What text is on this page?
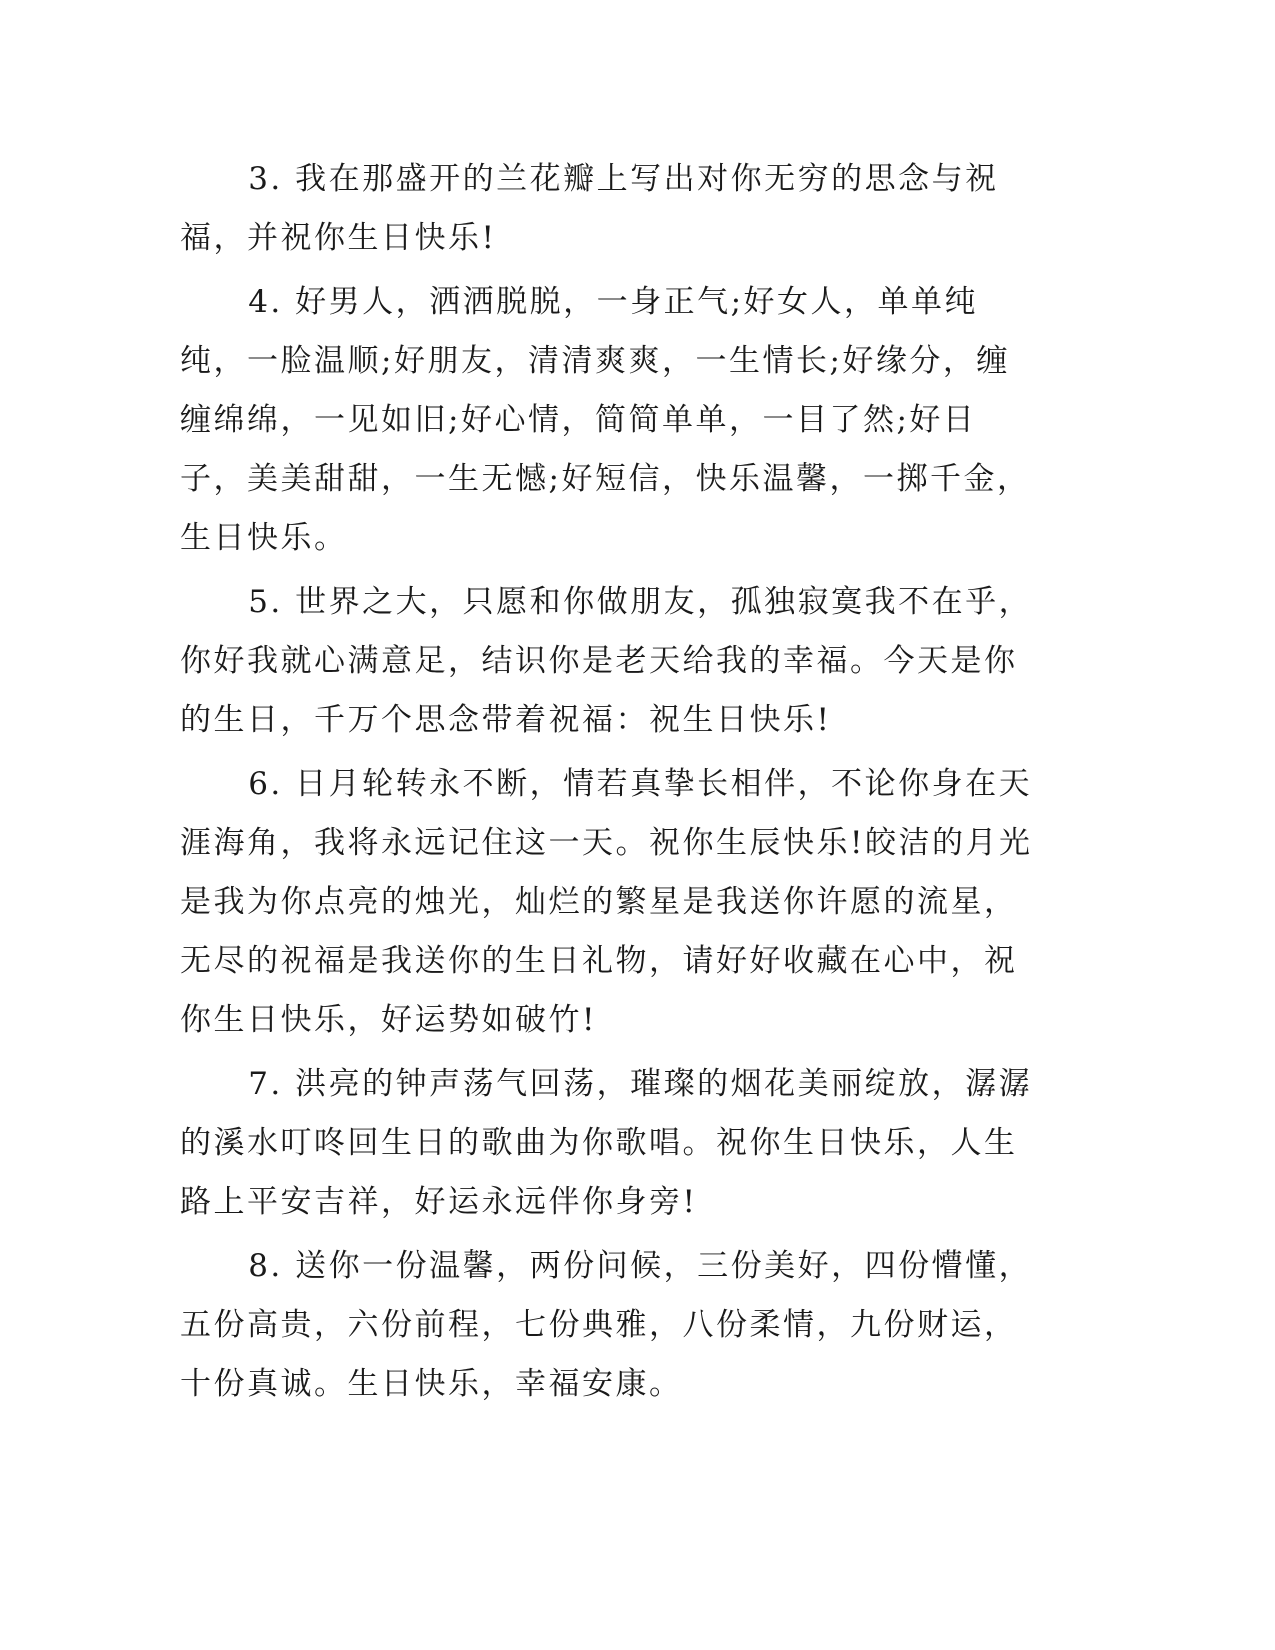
3. 我在那盛开的兰花瓣上写出对你无穷的思念与祝福，并祝你生日快乐!

4. 好男人，洒洒脱脱，一身正气;好女人，单单纯纯，一脸温顺;好朋友，清清爽爽，一生情长;好缘分，缠缠绵绵，一见如旧;好心情，简简单单，一目了然;好日子，美美甜甜，一生无憾;好短信，快乐温馨，一掷千金，生日快乐。

5. 世界之大，只愿和你做朋友，孤独寂寞我不在乎，你好我就心满意足，结识你是老天给我的幸福。今天是你的生日，千万个思念带着祝福：祝生日快乐!

6. 日月轮转永不断，情若真挚长相伴，不论你身在天涯海角，我将永远记住这一天。祝你生辰快乐!皎洁的月光是我为你点亮的烛光，灿烂的繁星是我送你许愿的流星，无尽的祝福是我送你的生日礼物，请好好收藏在心中，祝你生日快乐，好运势如破竹!

7. 洪亮的钟声荡气回荡，璀璨的烟花美丽绽放，潺潺的溪水叮咚回生日的歌曲为你歌唱。祝你生日快乐，人生路上平安吉祥，好运永远伴你身旁!

8. 送你一份温馨，两份问候，三份美好，四份懵懂，五份高贵，六份前程，七份典雅，八份柔情，九份财运，十份真诚。生日快乐，幸福安康。
